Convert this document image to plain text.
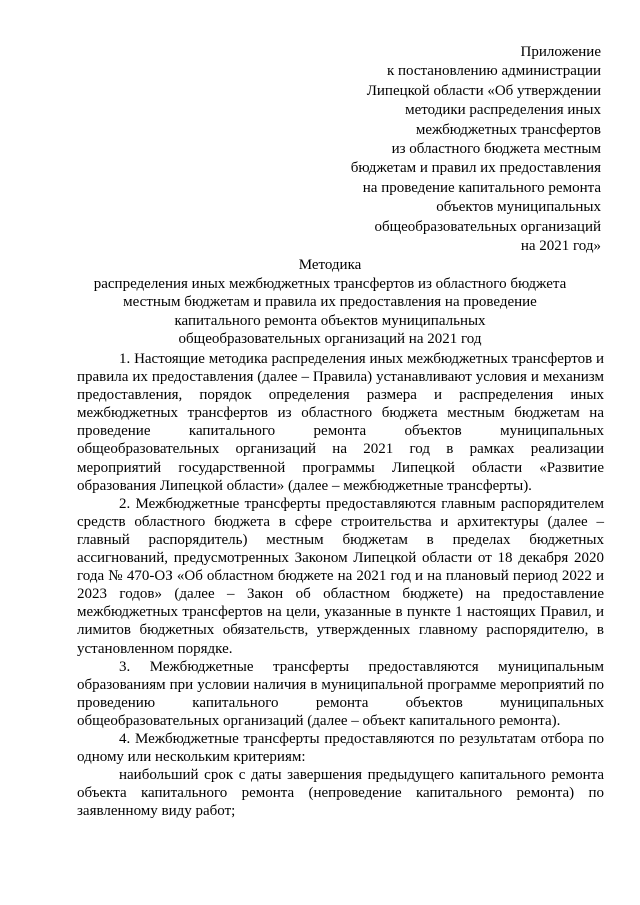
Приложение
к постановлению администрации
Липецкой области «Об утверждении
методики распределения иных
межбюджетных трансфертов
из областного бюджета местным
бюджетам и правил их предоставления
на проведение капитального ремонта
объектов муниципальных
общеобразовательных организаций
на 2021 год»
Методика
распределения иных межбюджетных трансфертов из областного бюджета
местным бюджетам и правила их предоставления на проведение
капитального ремонта объектов муниципальных
общеобразовательных организаций на 2021 год

1. Настоящие методика распределения иных межбюджетных трансфертов и правила их предоставления (далее – Правила) устанавливают условия и механизм предоставления, порядок определения размера и распределения иных межбюджетных трансфертов из областного бюджета местным бюджетам на проведение капитального ремонта объектов муниципальных общеобразовательных организаций на 2021 год в рамках реализации мероприятий государственной программы Липецкой области «Развитие образования Липецкой области» (далее – межбюджетные трансферты).

2. Межбюджетные трансферты предоставляются главным распорядителем средств областного бюджета в сфере строительства и архитектуры (далее – главный распорядитель) местным бюджетам в пределах бюджетных ассигнований, предусмотренных Законом Липецкой области от 18 декабря 2020 года № 470-ОЗ «Об областном бюджете на 2021 год и на плановый период 2022 и 2023 годов» (далее – Закон об областном бюджете) на предоставление межбюджетных трансфертов на цели, указанные в пункте 1 настоящих Правил, и лимитов бюджетных обязательств, утвержденных главному распорядителю, в установленном порядке.

3. Межбюджетные трансферты предоставляются муниципальным образованиям при условии наличия в муниципальной программе мероприятий по проведению капитального ремонта объектов муниципальных общеобразовательных организаций (далее – объект капитального ремонта).

4. Межбюджетные трансферты предоставляются по результатам отбора по одному или нескольким критериям:

наибольший срок с даты завершения предыдущего капитального ремонта объекта капитального ремонта (непроведение капитального ремонта) по заявленному виду работ;
